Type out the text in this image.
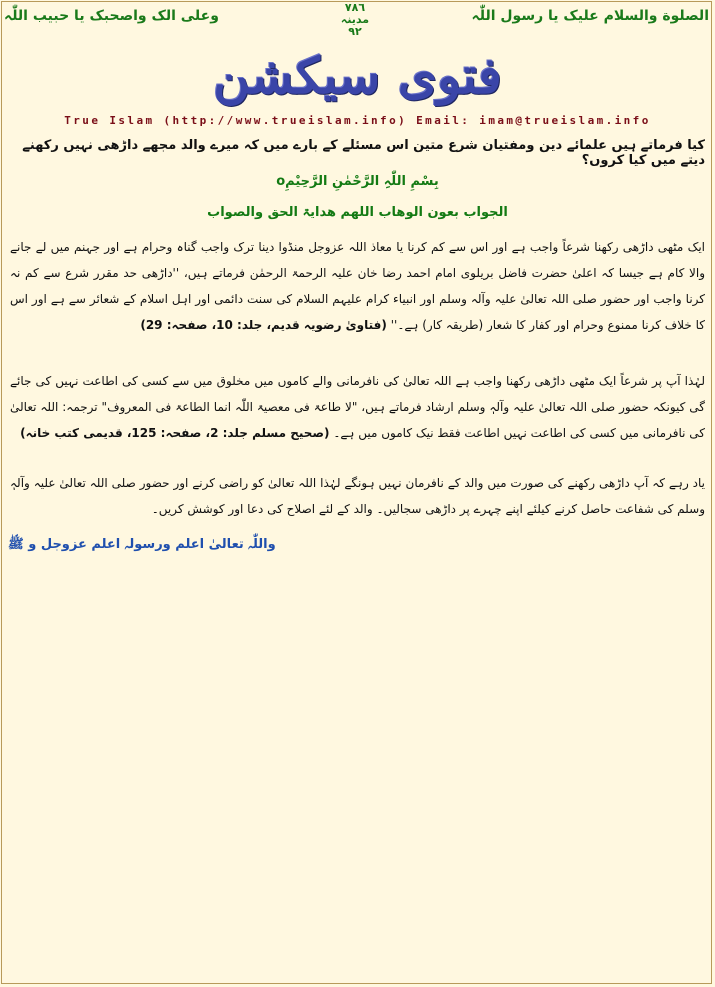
الصلوة والسلام علیک یا رسول اللّٰہ
٧٨٦
مدینہ
٩٢
وعلی الک واصحبک یا حبیب اللّٰہ
فتوی سیکشن
True Islam (http://www.trueislam.info) Email: imam@trueislam.info
کیا فرماتے ہیں علمائے دین ومفتیان شرع متین اس مسئلے کے بارے میں کہ میرے والد مجھے داڑھی نہیں رکھنے دیتے میں کیا کروں؟
بِسْمِ اللّٰہِ الرَّحْمٰنِ الرَّحِیْمِo
الجواب بعون الوھاب اللھم ھدایۃ الحق والصواب
ایک مٹھی داڑھی رکھنا شرعاً واجب ہے اور اس سے کم کرنا یا معاذ اللہ عزوجل منڈوا دینا ترک واجب گناہ وحرام ہے اور جہنم میں لے جانے والا کام ہے جیسا کہ اعلیٰ حضرت فاضل بریلوی امام احمد رضا خان علیہ الرحمۃ الرحمٰن فرماتے ہیں، ''داڑھی حد مقرر شرع سے کم نہ کرنا واجب اور حضور صلی اللہ تعالیٰ علیہ وآلہ وسلم اور انبیاء کرام علیہم السلام کی سنت دائمی اور اہل اسلام کے شعائر سے ہے اور اس کا خلاف کرنا ممنوع وحرام اور کفار کا شعار (طریقہ کار) ہے۔'' (فتاویٰ رضویہ قدیم، جلد: 10، صفحہ: 29)
لہٰذا آپ پر شرعاً ایک مٹھی داڑھی رکھنا واجب ہے اللہ تعالیٰ کی نافرمانی والے کاموں میں مخلوق میں سے کسی کی اطاعت نہیں کی جائے گی کیونکہ حضور صلی اللہ تعالیٰ علیہ وآلہٖ وسلم ارشاد فرماتے ہیں، "لا طاعۃ فی معصیۃ اللّٰہ انما الطاعۃ فی المعروف" ترجمہ: اللہ تعالیٰ کی نافرمانی میں کسی کی اطاعت نہیں اطاعت فقط نیک کاموں میں ہے۔ (صحیح مسلم جلد: 2، صفحہ: 125، قدیمی کتب خانہ)
یاد رہے کہ آپ داڑھی رکھنے کی صورت میں والد کے نافرمان نہیں ہونگے لہٰذا اللہ تعالیٰ کو راضی کرنے اور حضور صلی اللہ تعالیٰ علیہ وآلہٖ وسلم کی شفاعت حاصل کرنے کیلئے اپنے چہرے پر داڑھی سجالیں۔ والد کے لئے اصلاح کی دعا اور کوشش کریں۔
واللّٰہ تعالیٰ اعلم ورسولہ اعلم عزوجل و ﷺ
